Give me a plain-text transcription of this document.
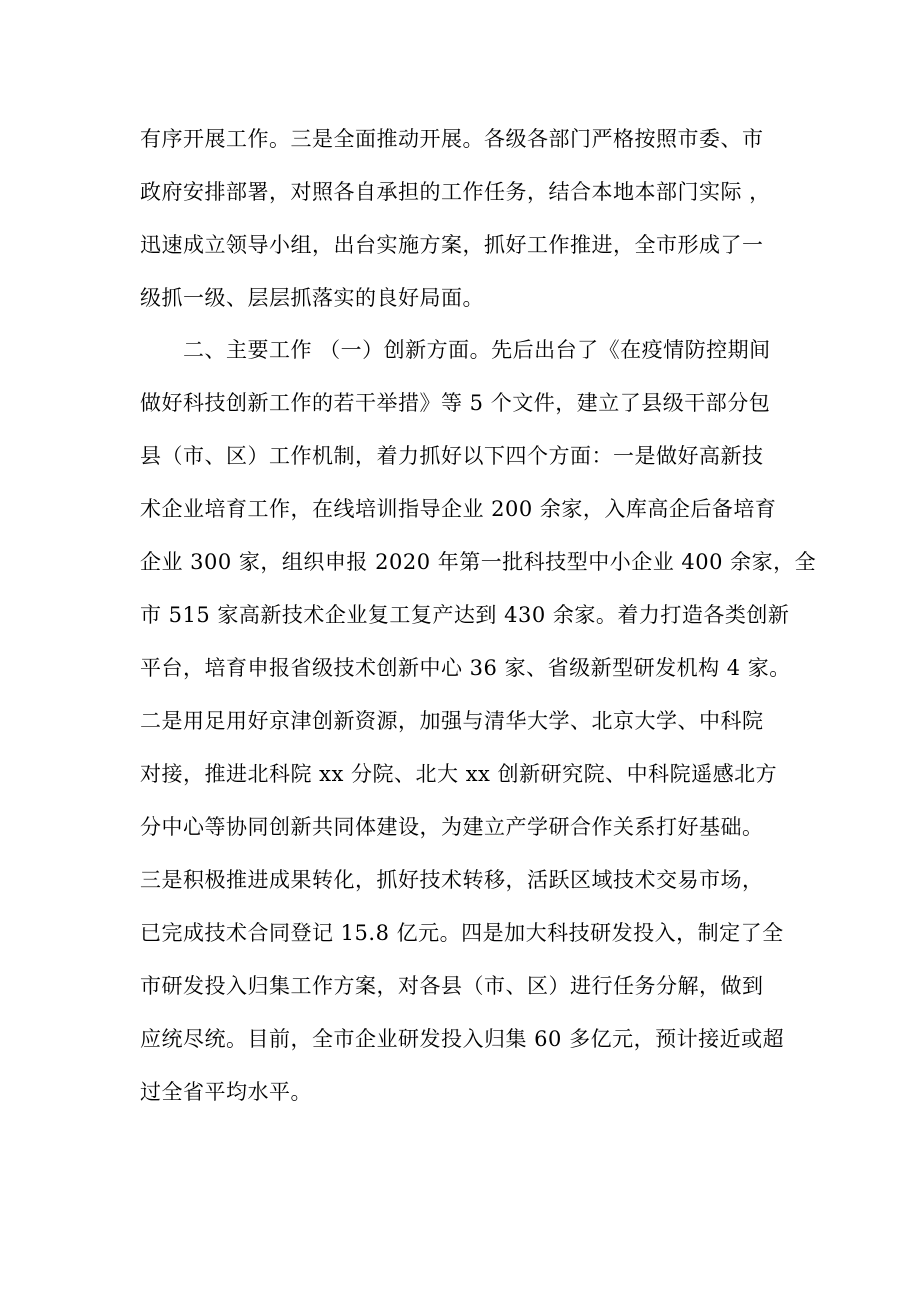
有序开展工作。三是全面推动开展。各级各部门严格按照市委、市
政府安排部署，对照各自承担的工作任务，结合本地本部门实际 ，
迅速成立领导小组，出台实施方案，抓好工作推进，全市形成了一
级抓一级、层层抓落实的良好局面。
　　二、主要工作 （一）创新方面。先后出台了《在疫情防控期间
做好科技创新工作的若干举措》等 5 个文件，建立了县级干部分包
县（市、区）工作机制，着力抓好以下四个方面：一是做好高新技
术企业培育工作，在线培训指导企业 200 余家，入库高企后备培育
企业 300 家，组织申报 2020 年第一批科技型中小企业 400 余家，全
市 515 家高新技术企业复工复产达到 430 余家。着力打造各类创新
平台，培育申报省级技术创新中心 36 家、省级新型研发机构 4 家。
二是用足用好京津创新资源，加强与清华大学、北京大学、中科院
对接，推进北科院 xx 分院、北大 xx 创新研究院、中科院遥感北方
分中心等协同创新共同体建设，为建立产学研合作关系打好基础。
三是积极推进成果转化，抓好技术转移，活跃区域技术交易市场，
已完成技术合同登记 15.8 亿元。四是加大科技研发投入，制定了全
市研发投入归集工作方案，对各县（市、区）进行任务分解，做到
应统尽统。目前，全市企业研发投入归集 60 多亿元，预计接近或超
过全省平均水平。
